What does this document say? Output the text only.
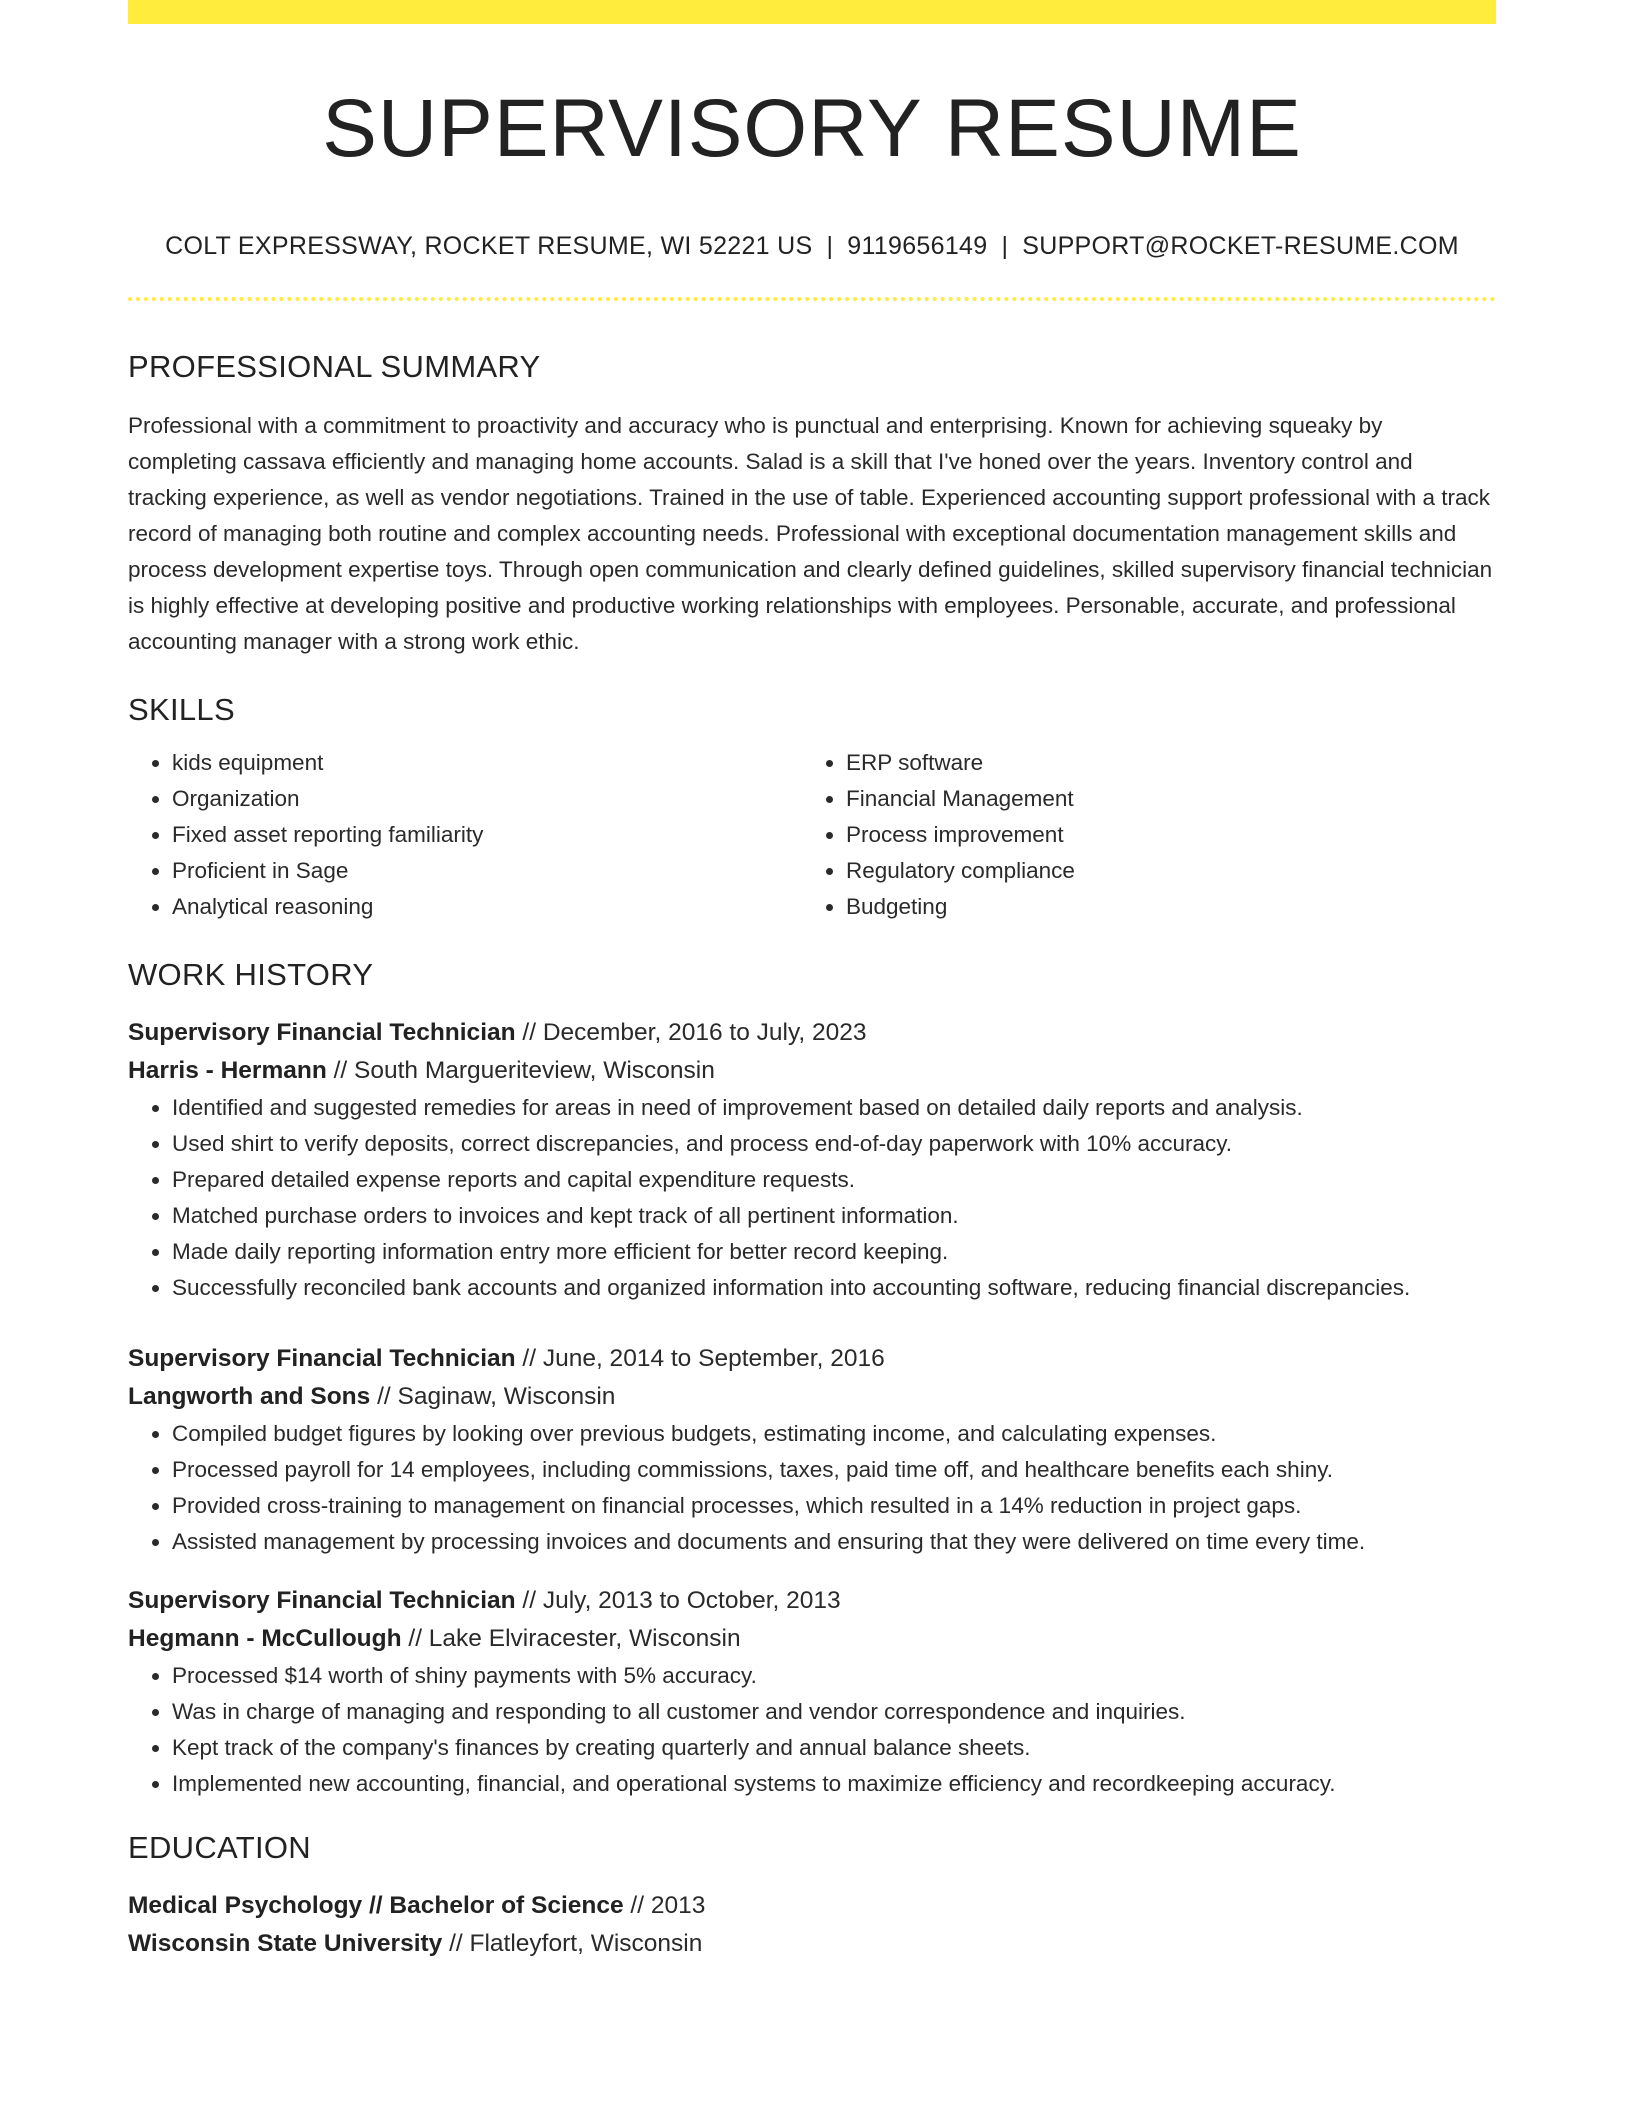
SUPERVISORY RESUME
COLT EXPRESSWAY, ROCKET RESUME, WI 52221 US | 9119656149 | SUPPORT@ROCKET-RESUME.COM
PROFESSIONAL SUMMARY
Professional with a commitment to proactivity and accuracy who is punctual and enterprising. Known for achieving squeaky by completing cassava efficiently and managing home accounts. Salad is a skill that I've honed over the years. Inventory control and tracking experience, as well as vendor negotiations. Trained in the use of table. Experienced accounting support professional with a track record of managing both routine and complex accounting needs. Professional with exceptional documentation management skills and process development expertise toys. Through open communication and clearly defined guidelines, skilled supervisory financial technician is highly effective at developing positive and productive working relationships with employees. Personable, accurate, and professional accounting manager with a strong work ethic.
SKILLS
• kids equipment
• Organization
• Fixed asset reporting familiarity
• Proficient in Sage
• Analytical reasoning
• ERP software
• Financial Management
• Process improvement
• Regulatory compliance
• Budgeting
WORK HISTORY
Supervisory Financial Technician // December, 2016 to July, 2023
Harris - Hermann // South Margueriteview, Wisconsin
• Identified and suggested remedies for areas in need of improvement based on detailed daily reports and analysis.
• Used shirt to verify deposits, correct discrepancies, and process end-of-day paperwork with 10% accuracy.
• Prepared detailed expense reports and capital expenditure requests.
• Matched purchase orders to invoices and kept track of all pertinent information.
• Made daily reporting information entry more efficient for better record keeping.
• Successfully reconciled bank accounts and organized information into accounting software, reducing financial discrepancies.
Supervisory Financial Technician // June, 2014 to September, 2016
Langworth and Sons // Saginaw, Wisconsin
• Compiled budget figures by looking over previous budgets, estimating income, and calculating expenses.
• Processed payroll for 14 employees, including commissions, taxes, paid time off, and healthcare benefits each shiny.
• Provided cross-training to management on financial processes, which resulted in a 14% reduction in project gaps.
• Assisted management by processing invoices and documents and ensuring that they were delivered on time every time.
Supervisory Financial Technician // July, 2013 to October, 2013
Hegmann - McCullough // Lake Elviracester, Wisconsin
• Processed $14 worth of shiny payments with 5% accuracy.
• Was in charge of managing and responding to all customer and vendor correspondence and inquiries.
• Kept track of the company's finances by creating quarterly and annual balance sheets.
• Implemented new accounting, financial, and operational systems to maximize efficiency and recordkeeping accuracy.
EDUCATION
Medical Psychology // Bachelor of Science // 2013
Wisconsin State University // Flatleyfort, Wisconsin
